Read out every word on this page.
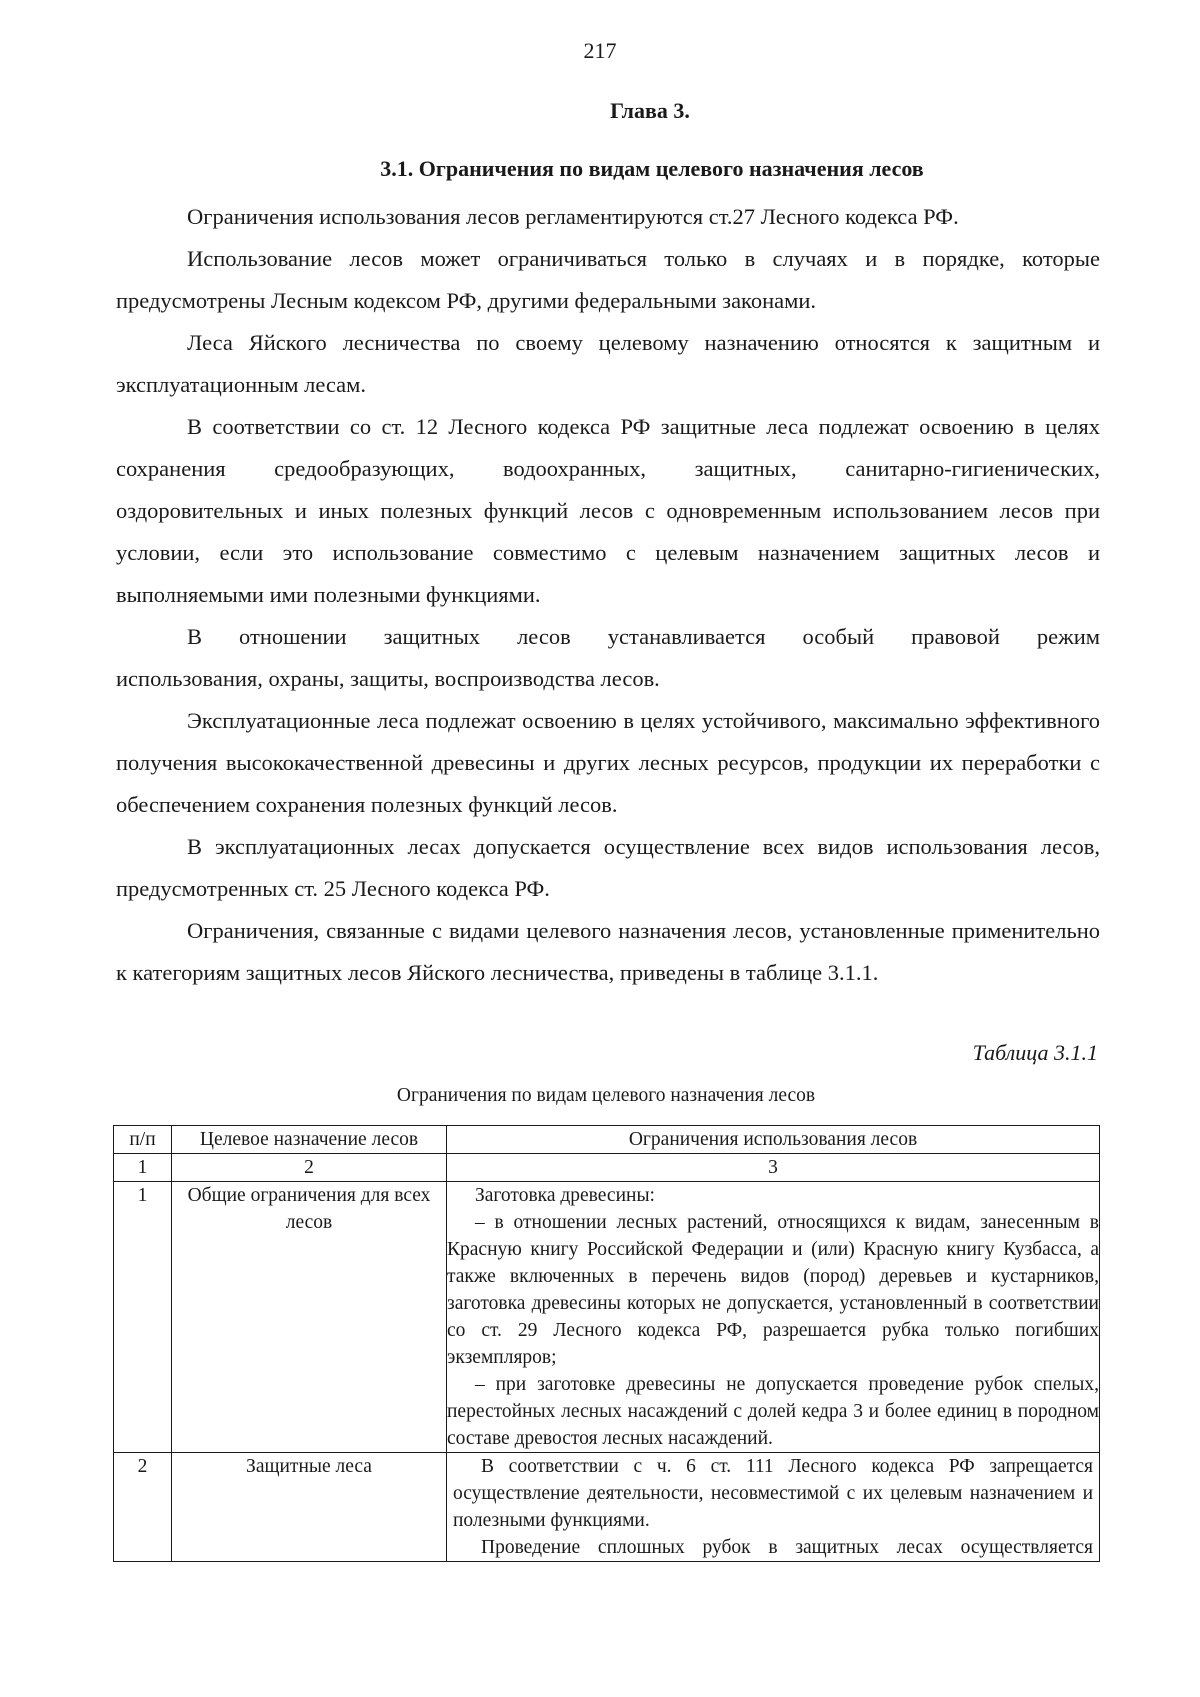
217
Глава 3.
3.1. Ограничения по видам целевого назначения лесов

Ограничения использования лесов регламентируются ст.27 Лесного кодекса РФ.

Использование лесов может ограничиваться только в случаях и в порядке, которые предусмотрены Лесным кодексом РФ, другими федеральными законами.

Леса Яйского лесничества по своему целевому назначению относятся к защитным и эксплуатационным лесам.

В соответствии со ст. 12 Лесного кодекса РФ защитные леса подлежат освоению в целях сохранения средообразующих, водоохранных, защитных, санитарно-гигиенических, оздоровительных и иных полезных функций лесов с одновременным использованием лесов при условии, если это использование совместимо с целевым назначением защитных лесов и выполняемыми ими полезными функциями.

В отношении защитных лесов устанавливается особый правовой режим

использования, охраны, защиты, воспроизводства лесов.

Эксплуатационные леса подлежат освоению в целях устойчивого, максимально эффективного получения высококачественной древесины и других лесных ресурсов, продукции их переработки с обеспечением сохранения полезных функций лесов.

В эксплуатационных лесах допускается осуществление всех видов использования лесов, предусмотренных ст. 25 Лесного кодекса РФ.

Ограничения, связанные с видами целевого назначения лесов, установленные применительно к категориям защитных лесов Яйского лесничества, приведены в таблице 3.1.1.

Таблица 3.1.1
Ограничения по видам целевого назначения лесов
п/п	Целевое назначение лесов	Ограничения использования лесов
1	2	3
1	Общие ограничения для всех лесов	Заготовка древесины:

– в отношении лесных растений, относящихся к видам, занесенным в Красную книгу Российской Федерации и (или) Красную книгу Кузбасса, а также включенных в перечень видов (пород) деревьев и кустарников, заготовка древесины которых не допускается, установленный в соответствии со ст. 29 Лесного кодекса РФ, разрешается рубка только погибших экземпляров;

– при заготовке древесины не допускается проведение рубок спелых, перестойных лесных насаждений с долей кедра 3 и более единиц в породном составе древостоя лесных насаждений.

2	Защитные леса	В соответствии с ч. 6 ст. 111 Лесного кодекса РФ запрещается осуществление деятельности, несовместимой с их целевым назначением и полезными функциями.

Проведение сплошных рубок в защитных лесах осуществляется
